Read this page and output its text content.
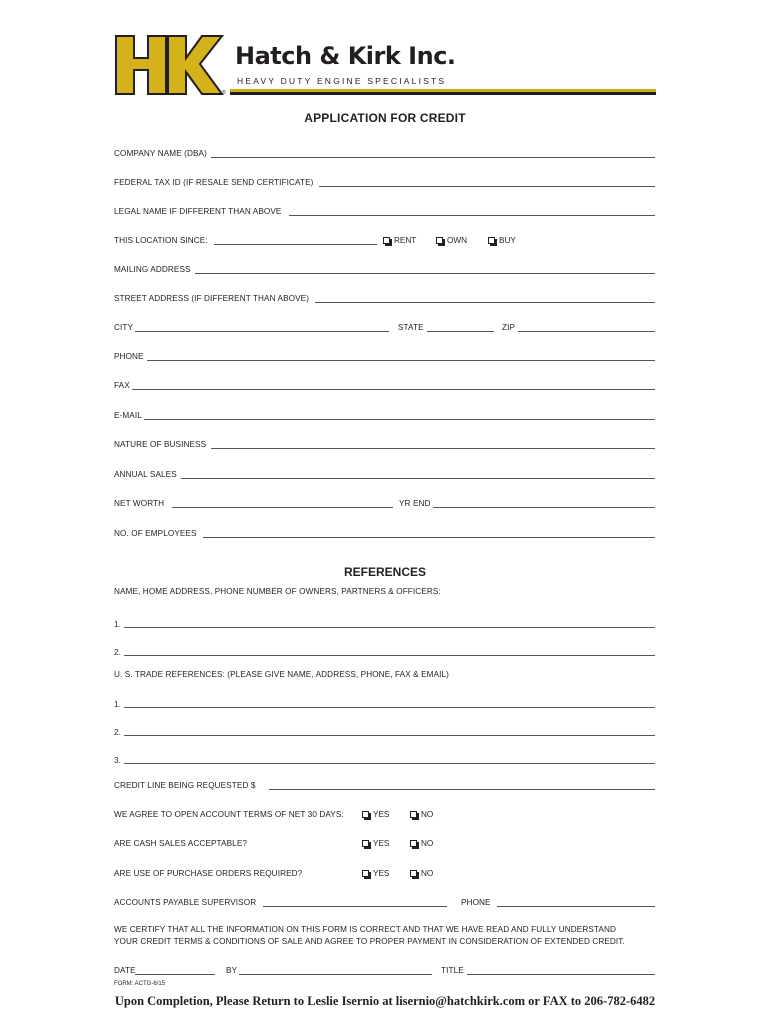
Hatch & Kirk Inc.
HEAVY DUTY ENGINE SPECIALISTS
®
APPLICATION FOR CREDIT
COMPANY NAME (DBA)
FEDERAL TAX ID (IF RESALE SEND CERTIFICATE)
LEGAL NAME IF DIFFERENT THAN ABOVE
THIS LOCATION SINCE:	RENT	OWN	BUY
MAILING ADDRESS
STREET ADDRESS (IF DIFFERENT THAN ABOVE)
CITY	STATE	ZIP
PHONE
FAX
E-MAIL
NATURE OF BUSINESS
ANNUAL SALES
NET WORTH	YR END
NO. OF EMPLOYEES
REFERENCES
NAME, HOME ADDRESS, PHONE NUMBER OF OWNERS, PARTNERS & OFFICERS:
1.
2.
U. S. TRADE REFERENCES: (PLEASE GIVE NAME, ADDRESS, PHONE, FAX & EMAIL)
1.
2.
3.
CREDIT LINE BEING REQUESTED $
WE AGREE TO OPEN ACCOUNT TERMS OF NET 30 DAYS:	YES	NO
ARE CASH SALES ACCEPTABLE?	YES	NO
ARE USE OF PURCHASE ORDERS REQUIRED?	YES	NO
ACCOUNTS PAYABLE SUPERVISOR	PHONE
WE CERTIFY THAT ALL THE INFORMATION ON THIS FORM IS CORRECT AND THAT WE HAVE READ AND FULLY UNDERSTAND
YOUR CREDIT TERMS & CONDITIONS OF SALE AND AGREE TO PROPER PAYMENT IN CONSIDERATION OF EXTENDED CREDIT.
DATE	BY	TITLE
FORM: ACTG-6/15
Upon Completion, Please Return to Leslie Isernio at lisernio@hatchkirk.com or FAX to 206-782-6482
